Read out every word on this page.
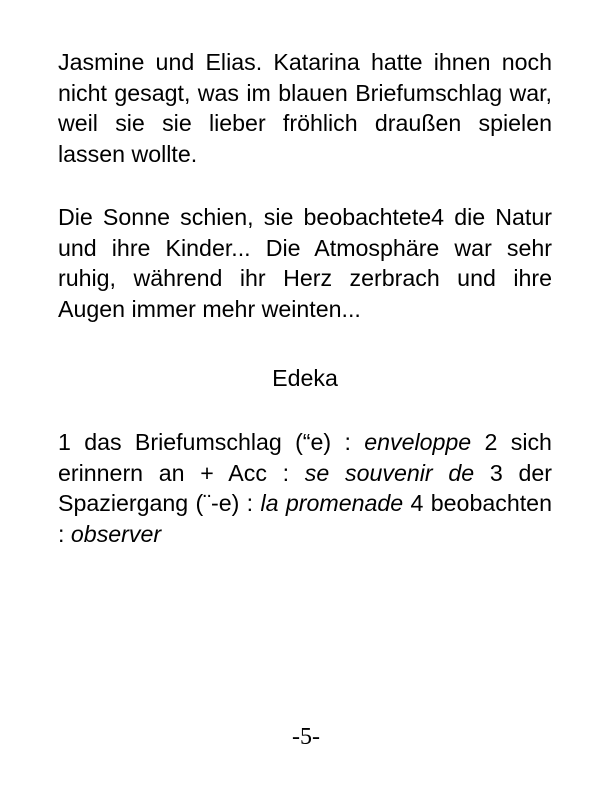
Jasmine und Elias. Katarina hatte ihnen noch nicht gesagt, was im blauen Briefumschlag war, weil sie sie lieber fröhlich draußen spielen lassen wollte.

Die Sonne schien, sie beobachtete4 die Natur und ihre Kinder... Die Atmosphäre war sehr ruhig, während ihr Herz zerbrach und ihre Augen immer mehr weinten...

Edeka

1 das Briefumschlag (“e) : enveloppe 2 sich erinnern an + Acc : se souvenir de 3 der Spaziergang (¨-e) : la promenade 4 beobachten : observer

-5-
